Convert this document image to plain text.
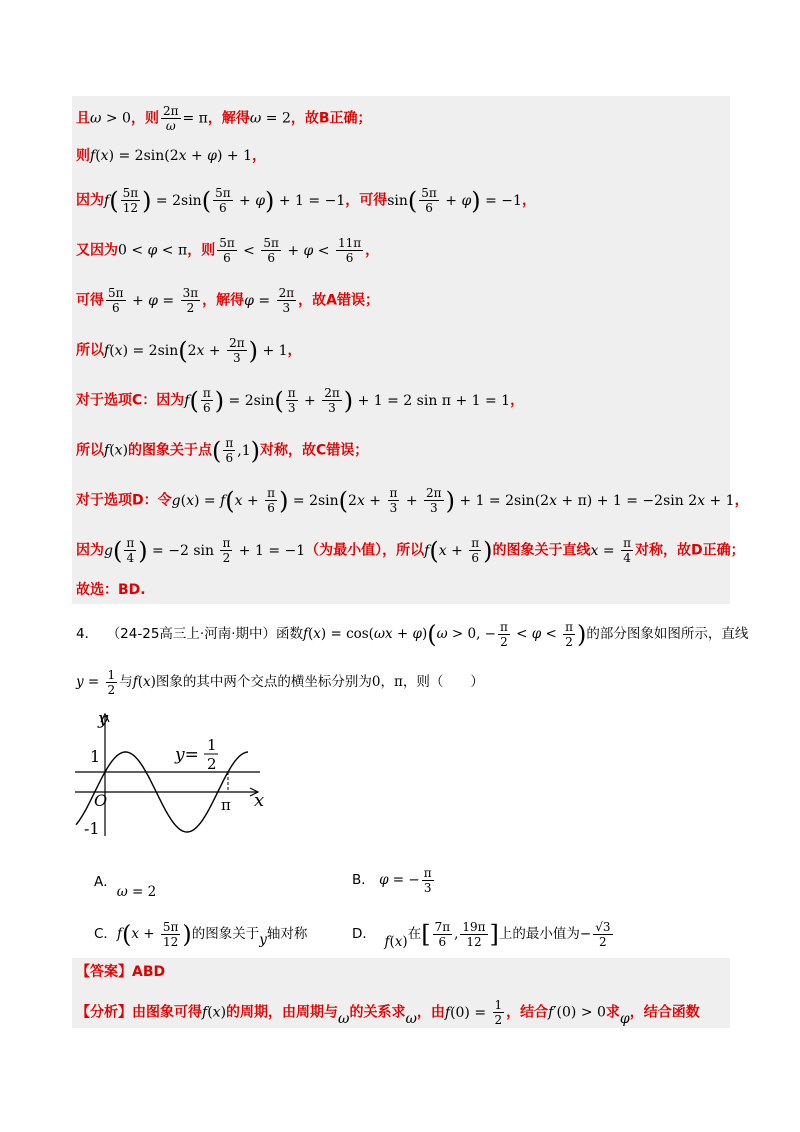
且ω > 0，则 $\frac{2\pi}{\omega} = \pi$，解得ω = 2，故B正确；
则f(x) = 2sin(2x + φ) + 1，
因为$f( \frac{5\pi}{12}$ ) = $2\sin( \frac{5\pi}{6} + \varphi) + 1 = -1$，可得$\sin( \frac{5\pi}{6} + \varphi) = -1$，
又因为0 < φ < π，则 $\frac{5\pi}{6} < \frac{5\pi}{6} + \varphi < \frac{11\pi}{6}$ ，
可得 $\frac{5\pi}{6} + \varphi = \frac{3\pi}{2}$ ，解得$\varphi = \frac{2\pi}{3}$ ，故A错误；
所以$f(x) = 2\sin(2x + \frac{2\pi}{3}$ ) + 1，
对于选项C：因为$f( \frac{\pi}{6}$ ) = $2\sin( \frac{\pi}{3} + \frac{2\pi}{3}$ ) + 1 = 2 sin π + 1 = 1，
所以f(x)的图象关于点( $\frac{\pi}{6} ,1$)对称，故C错误；
对于选项D：令$g(x) = f(x + \frac{\pi}{6}$ ) = $2\sin(2x + \frac{\pi}{3} + \frac{2\pi}{3}$ ) + 1 = 2sin(2x + π) + 1 = −2sin 2x + 1，
因为$g( \frac{\pi}{4}$ ) = −2 $\sin \frac{\pi}{2} + 1 = -1$（为最小值），所以$f(x + \frac{\pi}{6}$ )的图象关于直线$x = \frac{\pi}{4}$ 对称，故D正确；
故选：BD.
4． （24-25高三上·河南·期中）函数f(x) = cos(ωx + φ)(ω > 0, − $\frac{\pi}{2} < \varphi < \frac{\pi}{2}$ )的部分图象如图所示，直线
$y = \frac{1}{2}$ 与f(x)图象的其中两个交点的横坐标分别为0，π，则（　　）
y
x
O
1
-1
π
y= 1
2
A．ω = 2
B． φ = − $\frac{\pi}{3}$
C．$f(x + \frac{5\pi}{12}$ )的图象关于y轴对称	D． f(x)在[ $\frac{7\pi}{6}$ , $\frac{19\pi}{12}$ ]上的最小值为− $\frac{√3}{2}$
【答案】ABD
【分析】由图象可得f(x)的周期，由周期与ω的关系求ω，由$f(0) = \frac{1}{2}$ ，结合f′(0) > 0求φ，结合函数
